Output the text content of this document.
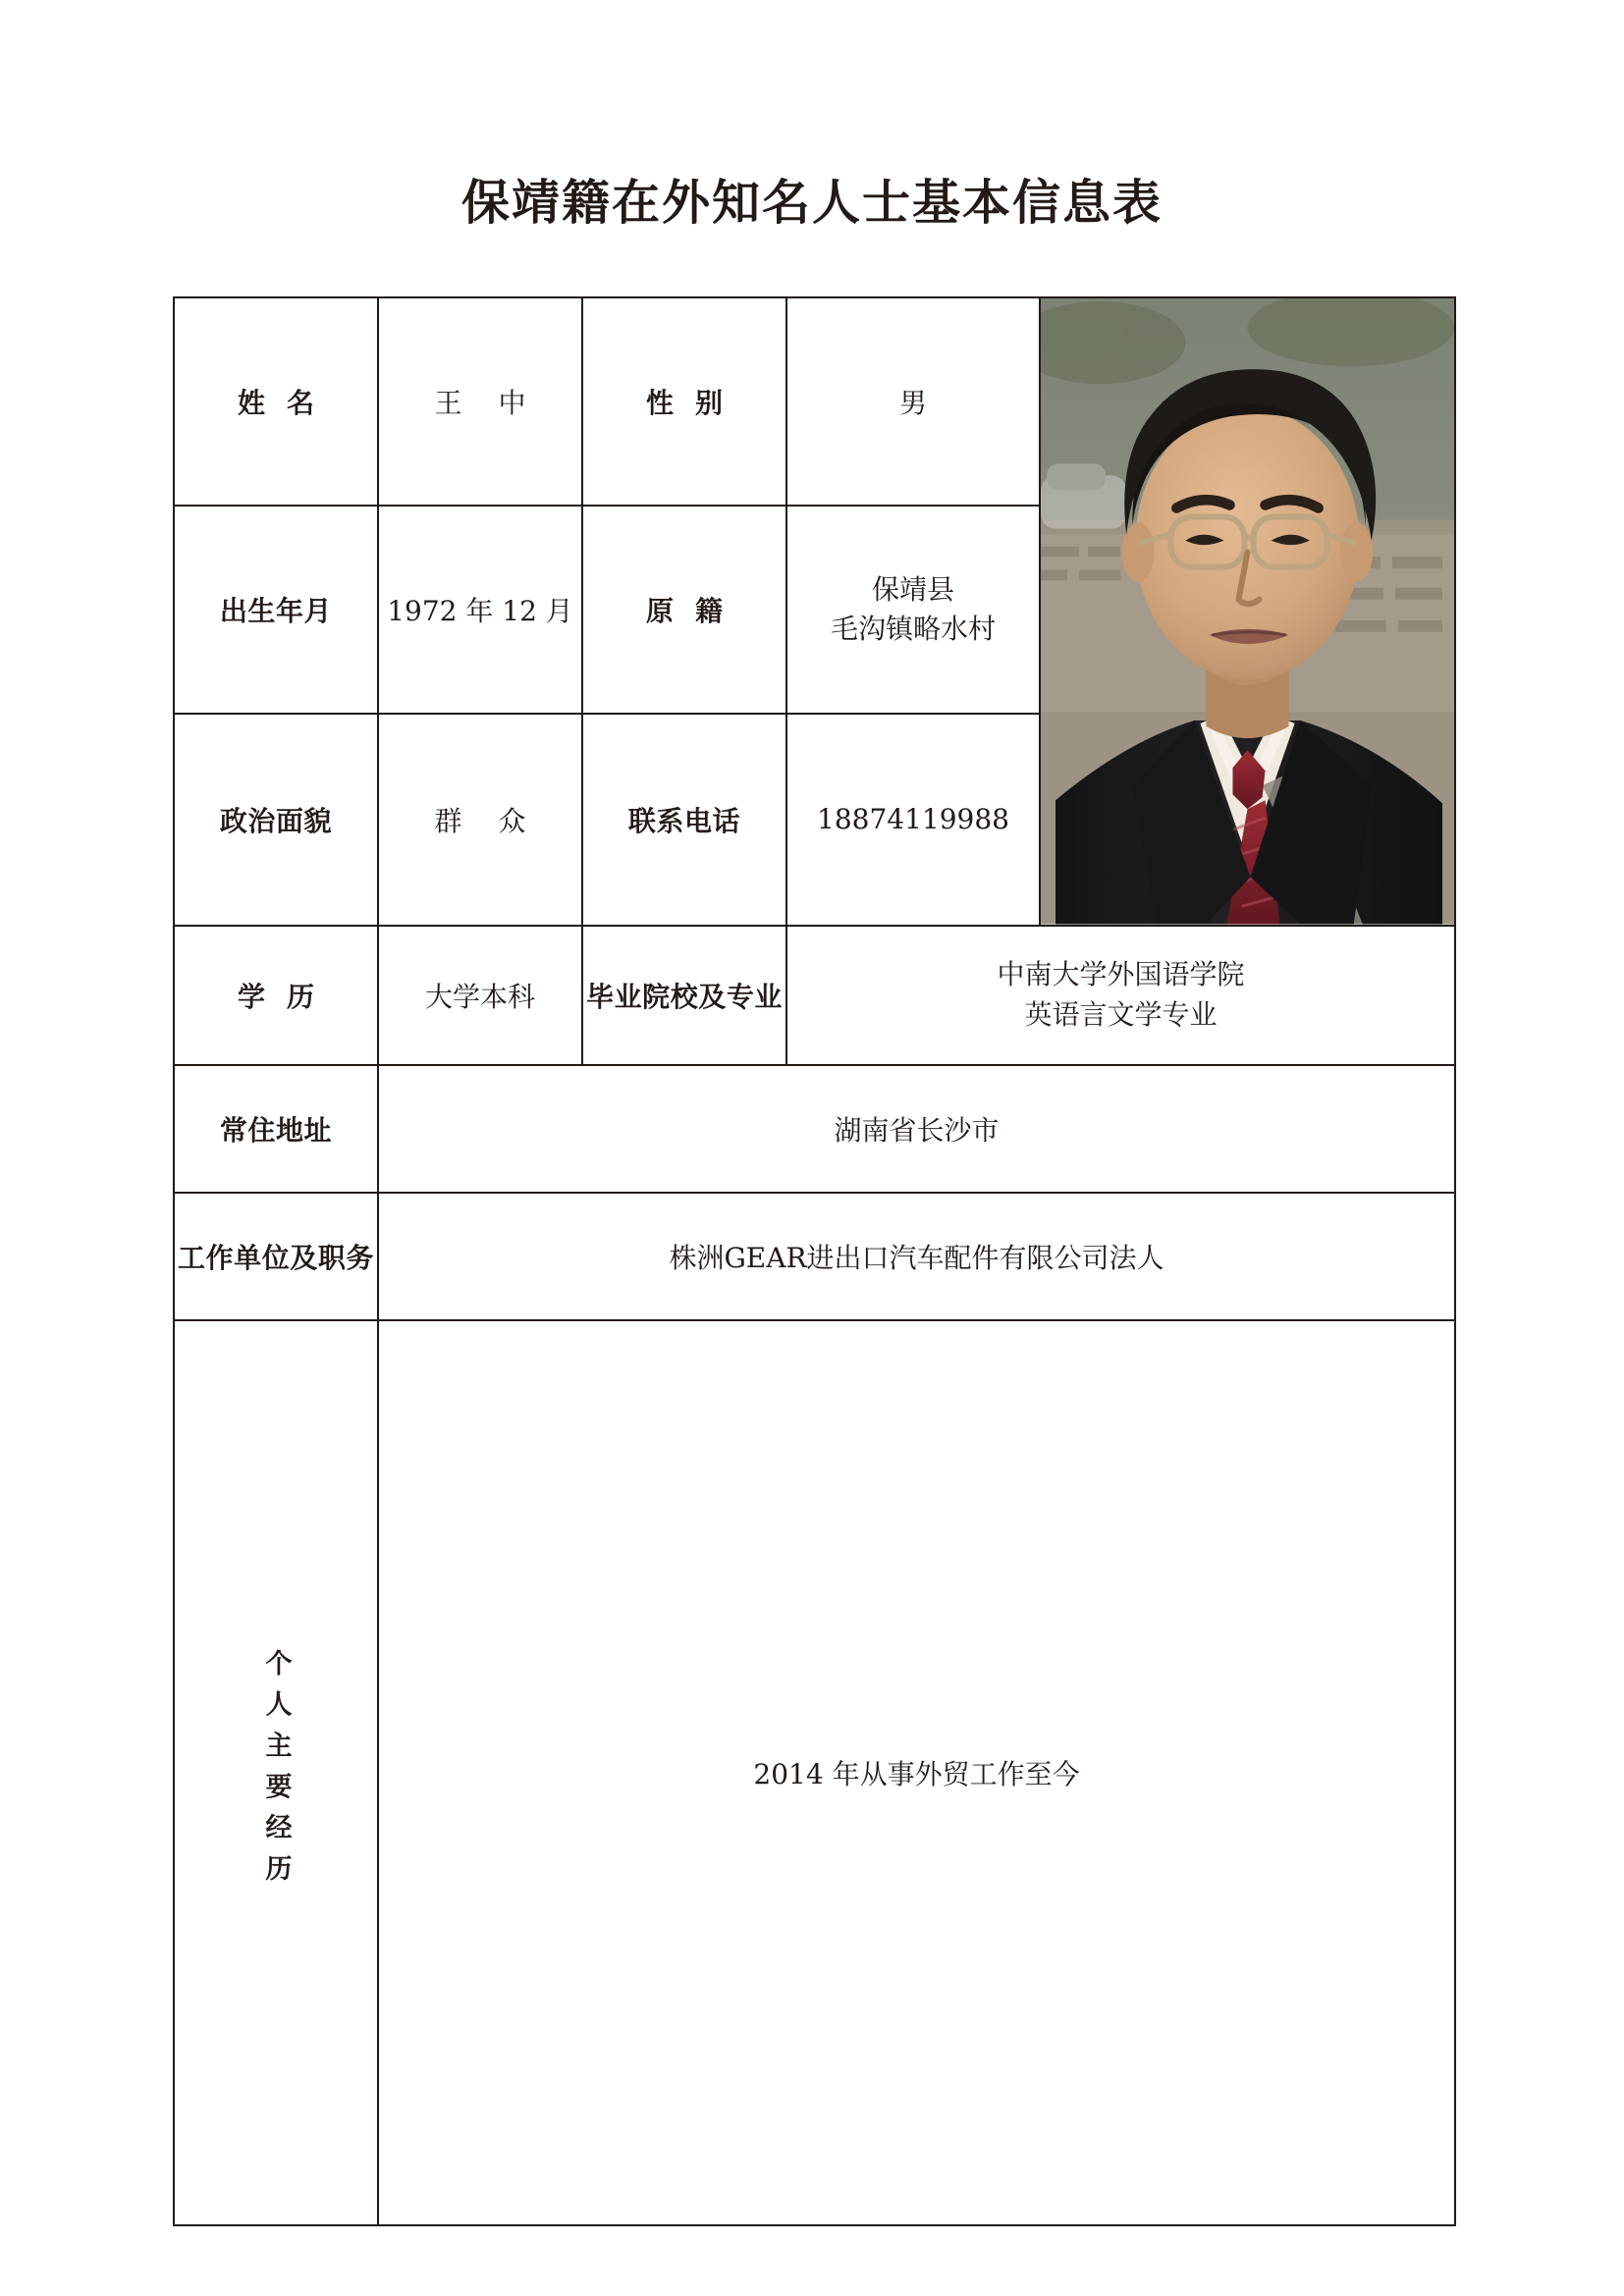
保靖籍在外知名人士基本信息表
姓 名	王 中	性 别	男	

出生年月	1972 年 12 月	原 籍	保靖县
毛沟镇略水村	

政治面貌	群 众	联系电话	18874119988	
学 历	大学本科	毕业院校及专业	中南大学外国语学院
英语言文学专业	

常住地址	湖南省长沙市			
工作单位及职务	株洲GEAR进出口汽车配件有限公司法人			

个人主要经历	2014 年从事外贸工作至今			
